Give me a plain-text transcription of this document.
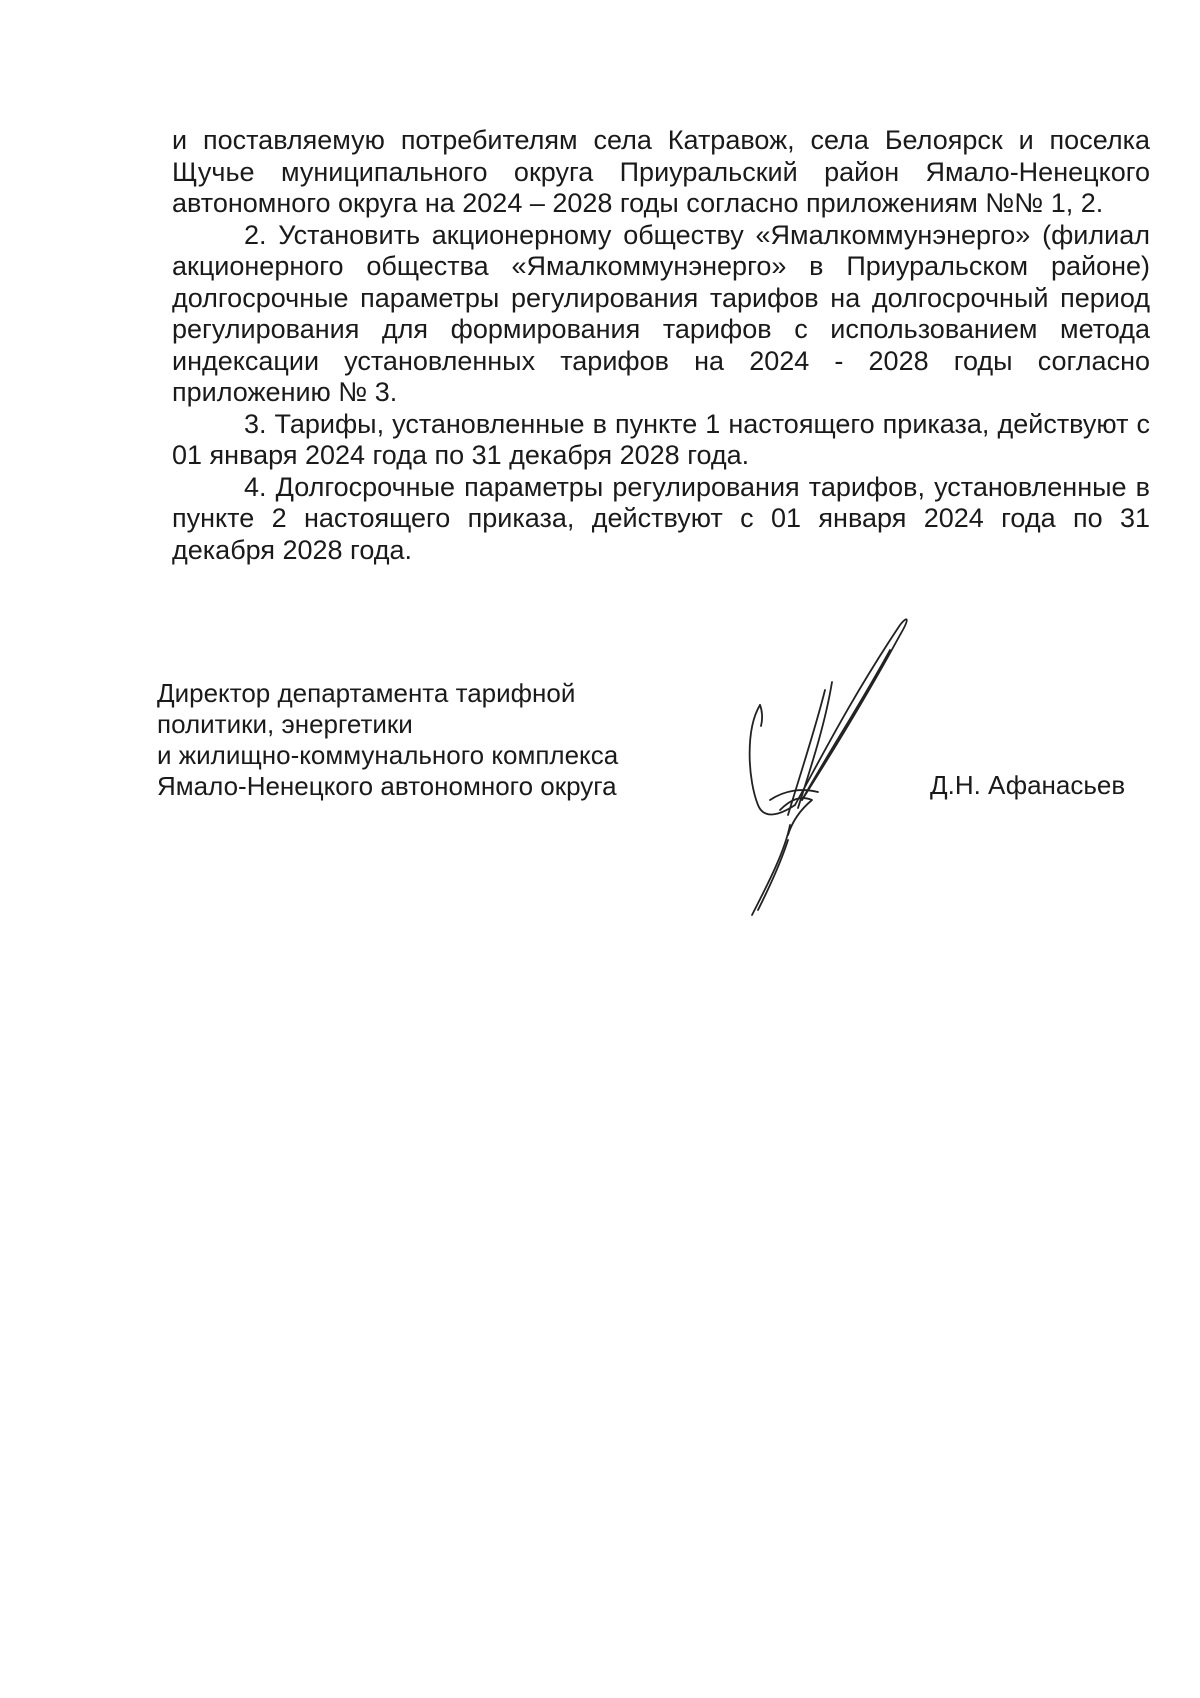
и поставляемую потребителям села Катравож, села Белоярск и поселка Щучье муниципального округа Приуральский район Ямало-Ненецкого автономного округа на 2024 – 2028 годы согласно приложениям №№ 1, 2.

2. Установить акционерному обществу «Ямалкоммунэнерго» (филиал акционерного общества «Ямалкоммунэнерго» в Приуральском районе) долгосрочные параметры регулирования тарифов на долгосрочный период регулирования для формирования тарифов с использованием метода индексации установленных тарифов на 2024 - 2028 годы согласно приложению № 3.

3. Тарифы, установленные в пункте 1 настоящего приказа, действуют с 01 января 2024 года по 31 декабря 2028 года.

4. Долгосрочные параметры регулирования тарифов, установленные в пункте 2 настоящего приказа, действуют с 01 января 2024 года по 31 декабря 2028 года.

Директор департамента тарифной
политики, энергетики
и жилищно-коммунального комплекса
Ямало-Ненецкого автономного округа	Д.Н. Афанасьев
